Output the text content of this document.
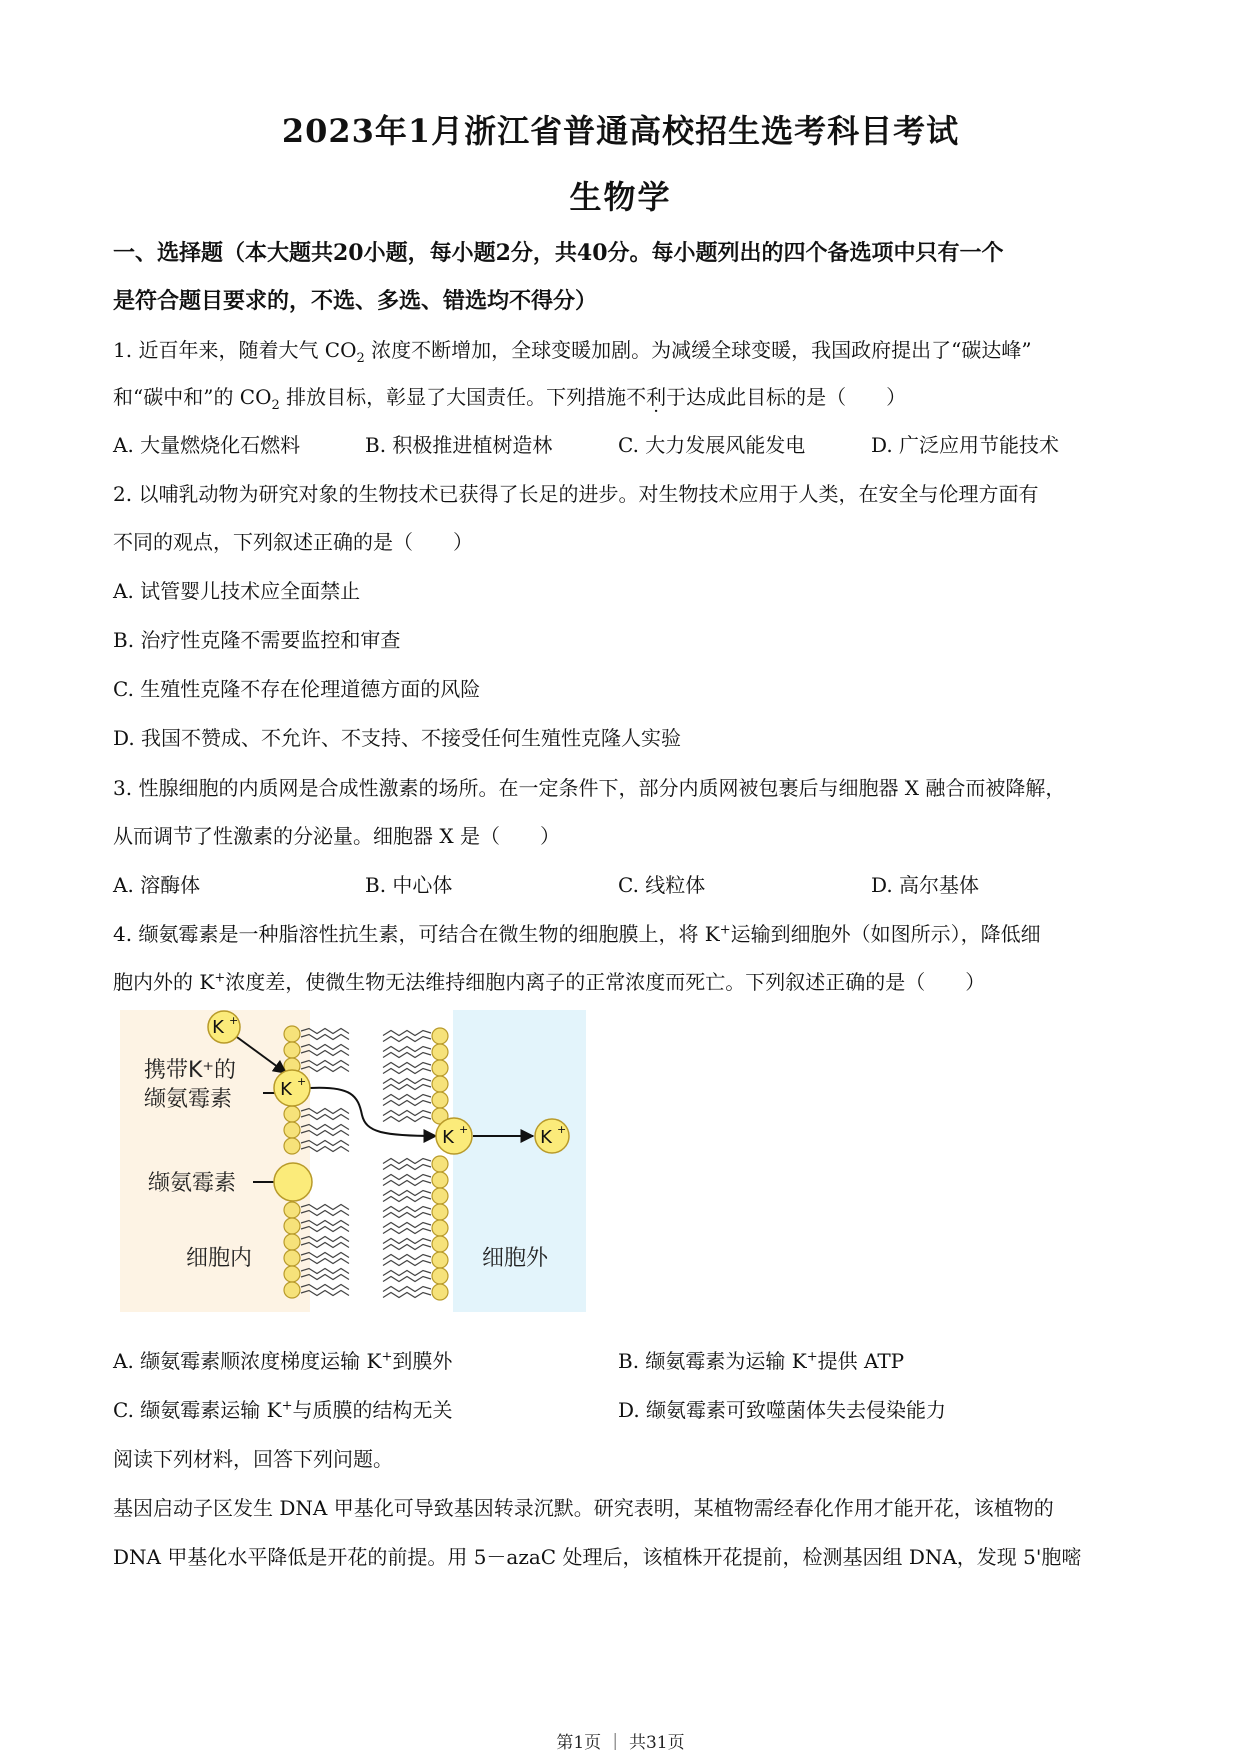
2023年1月浙江省普通高校招生选考科目考试
生物学
一、选择题（本大题共20小题，每小题2分，共40分。每小题列出的四个备选项中只有一个
是符合题目要求的，不选、多选、错选均不得分）
1. 近百年来，随着大气 $CO_2$ 浓度不断增加，全球变暖加剧。为减缓全球变暖，我国政府提出了“碳达峰”
和“碳中和”的 $CO_2$ 排放目标，彰显了大国责任。下列措施不利于达成此目标的是（　　）
A. 大量燃烧化石燃料	B. 积极推进植树造林	C. 大力发展风能发电	D. 广泛应用节能技术
2. 以哺乳动物为研究对象的生物技术已获得了长足的进步。对生物技术应用于人类，在安全与伦理方面有
不同的观点，下列叙述正确的是（　　）
A. 试管婴儿技术应全面禁止
B. 治疗性克隆不需要监控和审查
C. 生殖性克隆不存在伦理道德方面的风险
D. 我国不赞成、不允许、不支持、不接受任何生殖性克隆人实验
3. 性腺细胞的内质网是合成性激素的场所。在一定条件下，部分内质网被包裹后与细胞器 X 融合而被降解，
从而调节了性激素的分泌量。细胞器 X 是（　　）
A. 溶酶体	B. 中心体	C. 线粒体	D. 高尔基体
4. 缬氨霉素是一种脂溶性抗生素，可结合在微生物的细胞膜上，将 K+运输到细胞外（如图所示），降低细
胞内外的 K+浓度差，使微生物无法维持细胞内离子的正常浓度而死亡。下列叙述正确的是（　　）
K +
K +
K +	K +
携带K⁺的
缬氨霉素
缬氨霉素
细胞内	细胞外
A. 缬氨霉素顺浓度梯度运输 K+到膜外	B. 缬氨霉素为运输 K+提供 ATP
C. 缬氨霉素运输 K+与质膜的结构无关	D. 缬氨霉素可致噬菌体失去侵染能力
阅读下列材料，回答下列问题。
基因启动子区发生 DNA 甲基化可导致基因转录沉默。研究表明，某植物需经春化作用才能开花，该植物的
DNA 甲基化水平降低是开花的前提。用 5－azaC 处理后，该植株开花提前，检测基因组 DNA，发现 5'胞嘧
第1页 ｜ 共31页
